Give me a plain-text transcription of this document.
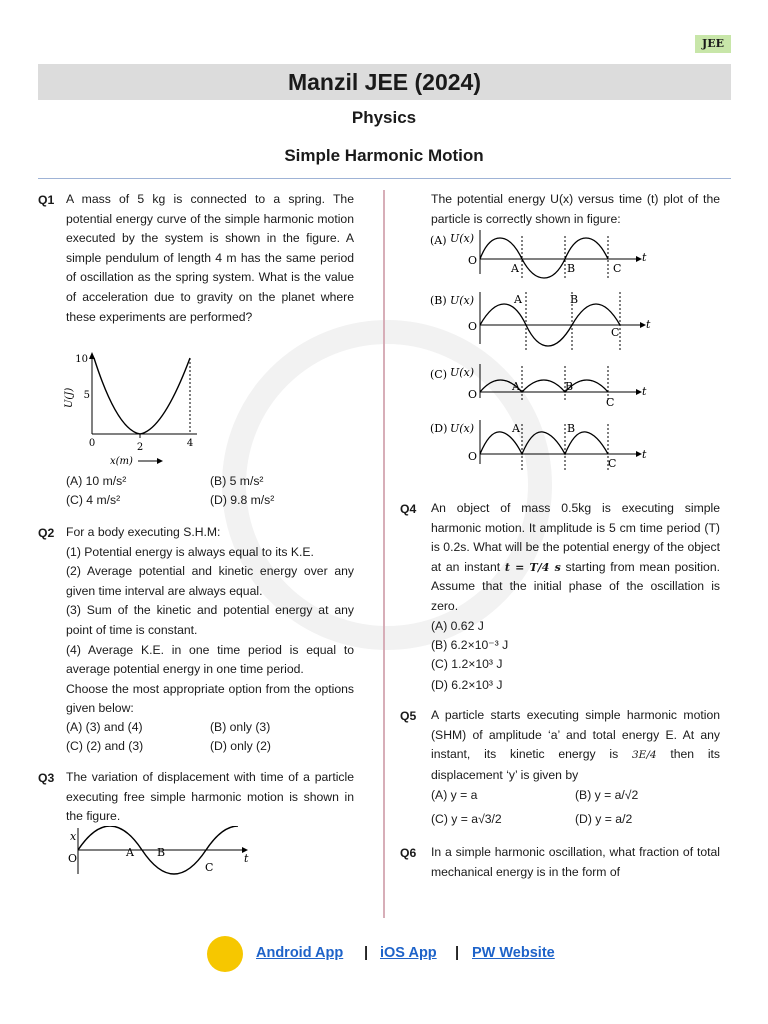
JEE
Manzil JEE (2024)
Physics
Simple Harmonic Motion
Q1 A mass of 5 kg is connected to a spring. The potential energy curve of the simple harmonic motion executed by the system is shown in the figure. A simple pendulum of length 4 m has the same period of oscillation as the spring system. What is the value of acceleration due to gravity on the planet where these experiments are performed?
10
5
U(J)
0	2	4
x(m)
(A) 10 m/s²	(B) 5 m/s²
(C) 4 m/s²	(D) 9.8 m/s²
Q2 For a body executing S.H.M:
(1) Potential energy is always equal to its K.E.
(2) Average potential and kinetic energy over any given time interval are always equal.
(3) Sum of the kinetic and potential energy at any point of time is constant.
(4) Average K.E. in one time period is equal to average potential energy in one time period.
Choose the most appropriate option from the options given below:
(A) (3) and (4)	(B) only (3)
(C) (2) and (3)	(D) only (2)
Q3 The variation of displacement with time of a particle executing free simple harmonic motion is shown in the figure.
x
O	A B
C
t
The potential energy U(x) versus time (t) plot of the particle is correctly shown in figure:
(A) U(x)
O
A	B	C
t
(B) U(x)
O
A	B
C
t
(C) U(x)
O
A	B
C
t
(D) U(x)
O
A	B
C
t
Q4 An object of mass 0.5kg is executing simple harmonic motion. It amplitude is 5 cm time period (T) is 0.2s. What will be the potential energy of the object at an instant t = T/4 s starting from mean position. Assume that the initial phase of the oscillation is zero.
(A) 0.62 J
(B) 6.2×10⁻³ J
(C) 1.2×10³ J
(D) 6.2×10³ J
Q5 A particle starts executing simple harmonic motion (SHM) of amplitude ‘a’ and total energy E. At any instant, its kinetic energy is 3E/4 then its displacement ‘y’ is given by
(A) y = a	(B) y = a/√2
(C) y = a√3/2	(D) y = a/2
Q6 In a simple harmonic oscillation, what fraction of total mechanical energy is in the form of
Android App | iOS App | PW Website
